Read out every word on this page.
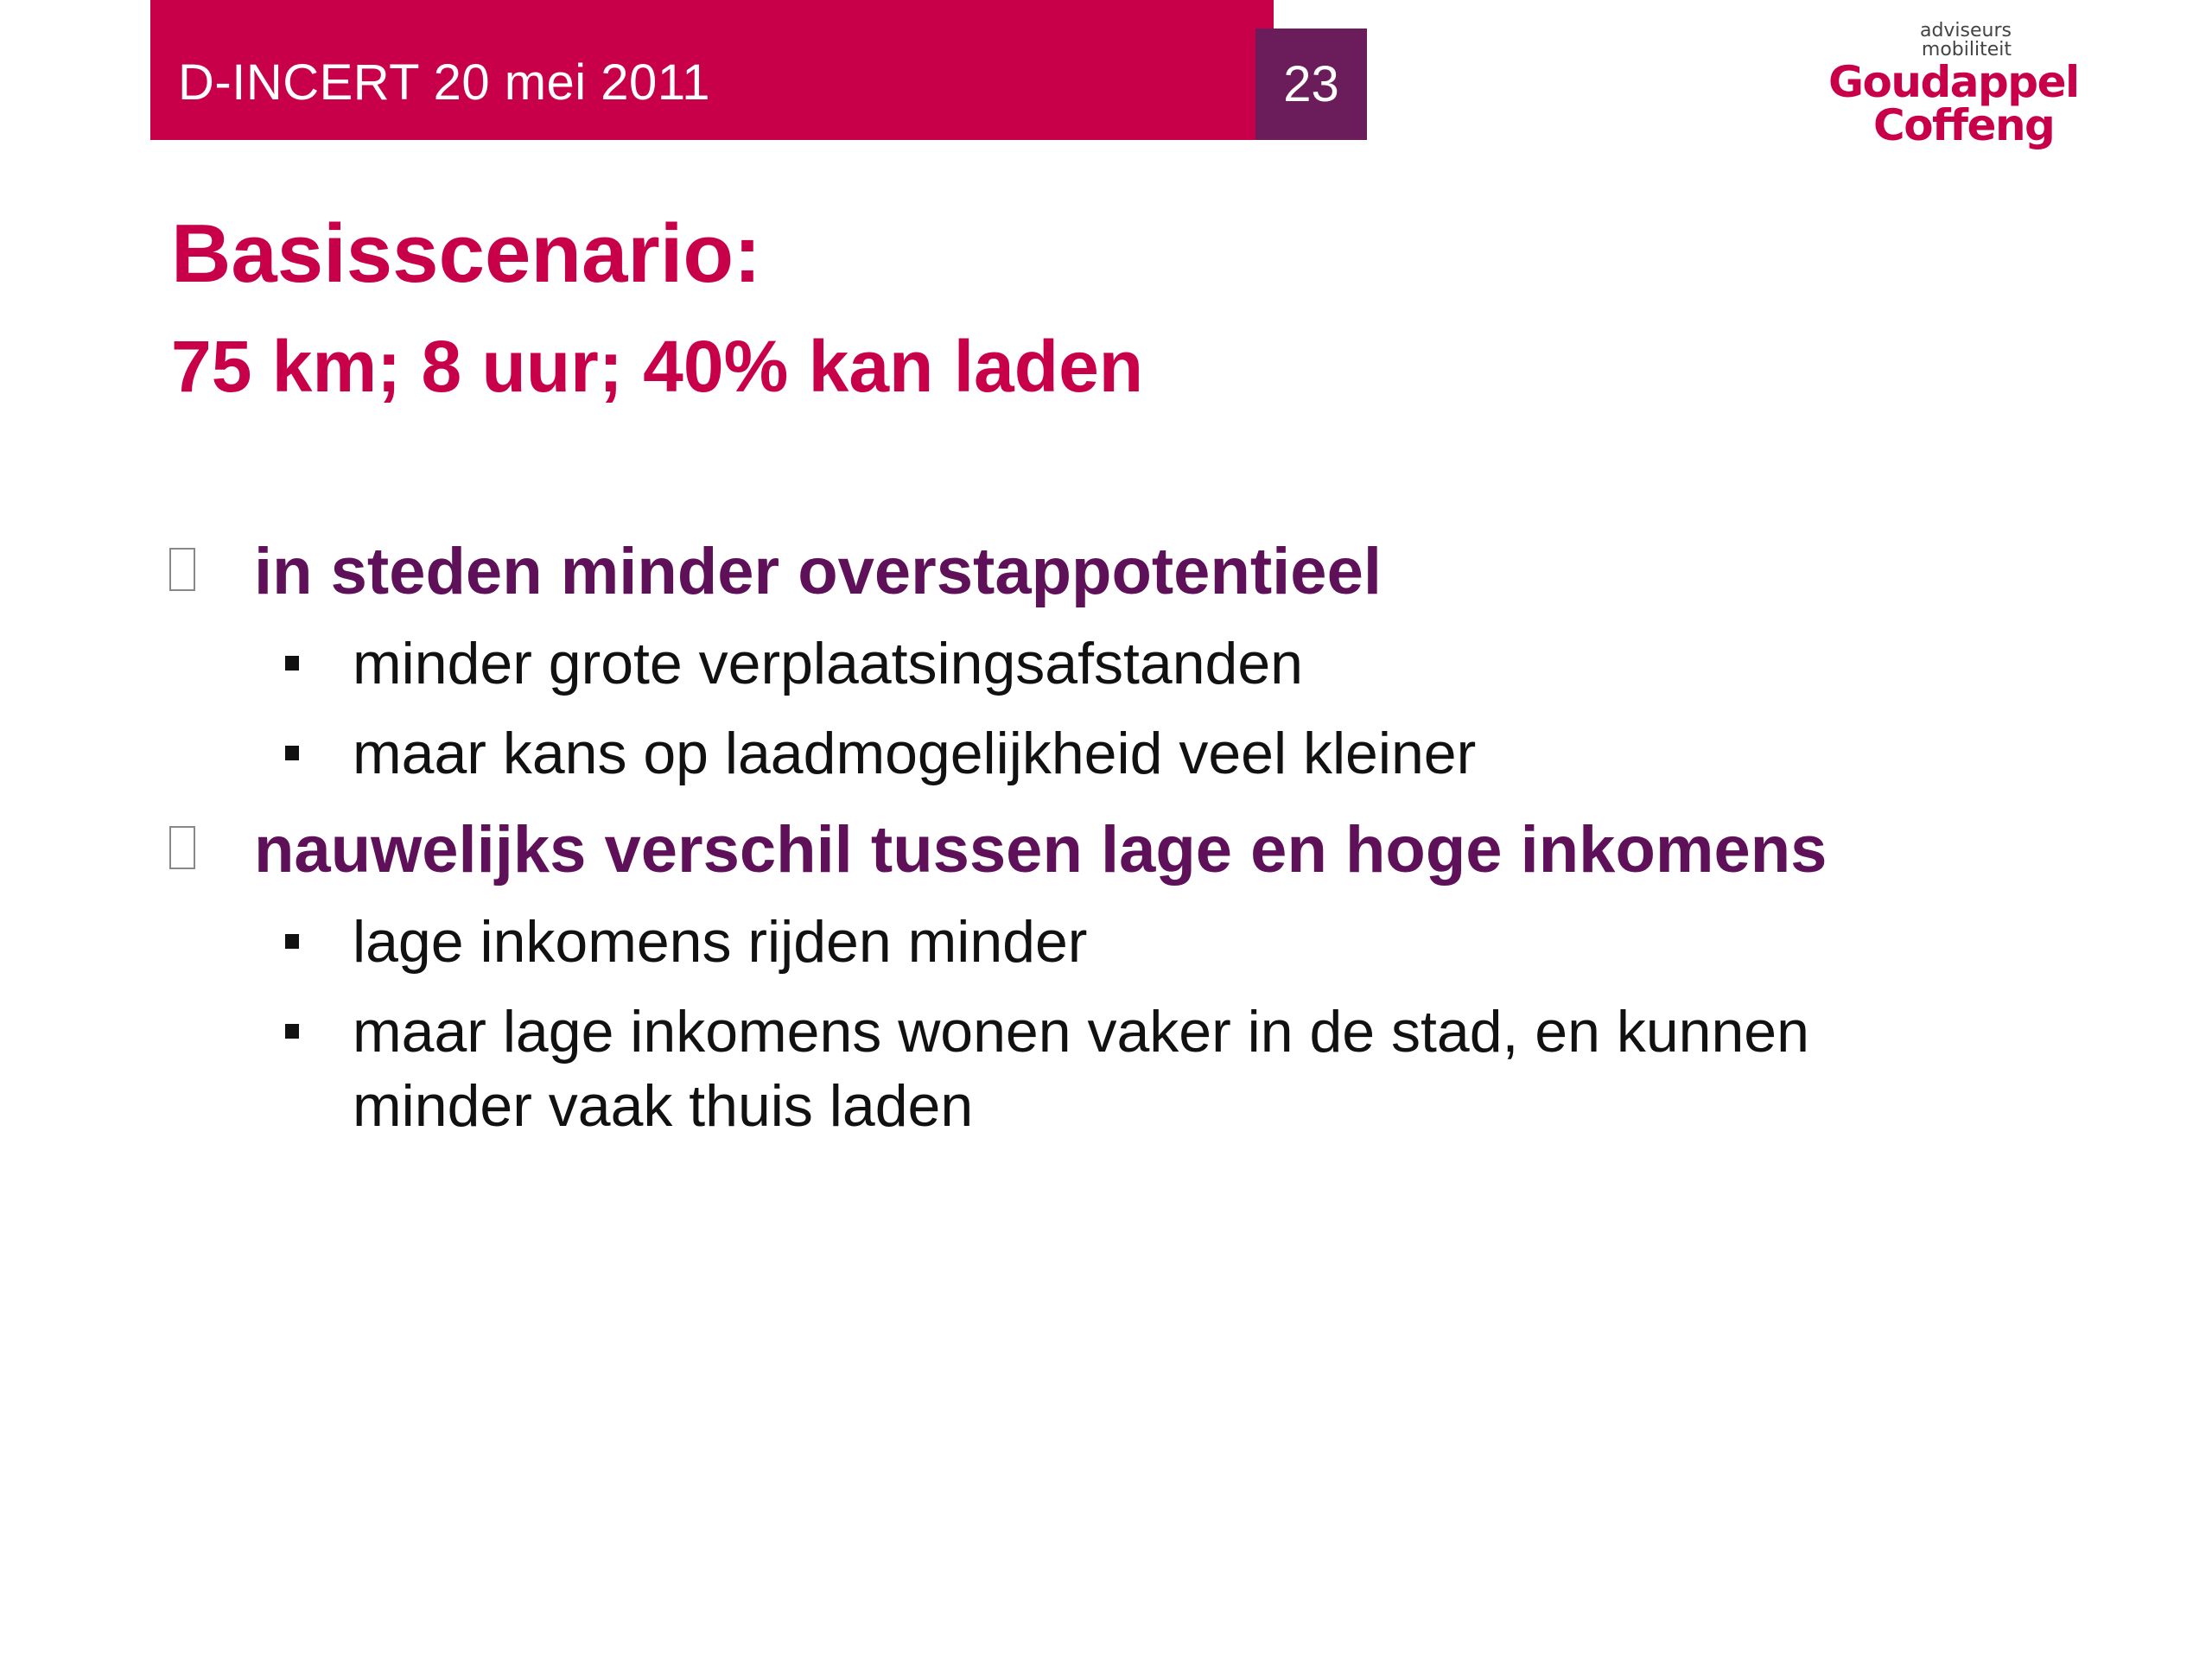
D-INCERT 20 mei 2011	23
adviseurs
mobiliteit
Goudappel
Coffeng
Basisscenario:
75 km; 8 uur; 40% kan laden
in steden minder overstappotentieel
minder grote verplaatsingsafstanden
maar kans op laadmogelijkheid veel kleiner
nauwelijks verschil tussen lage en hoge inkomens
lage inkomens rijden minder
maar lage inkomens wonen vaker in de stad, en kunnen minder vaak thuis laden
